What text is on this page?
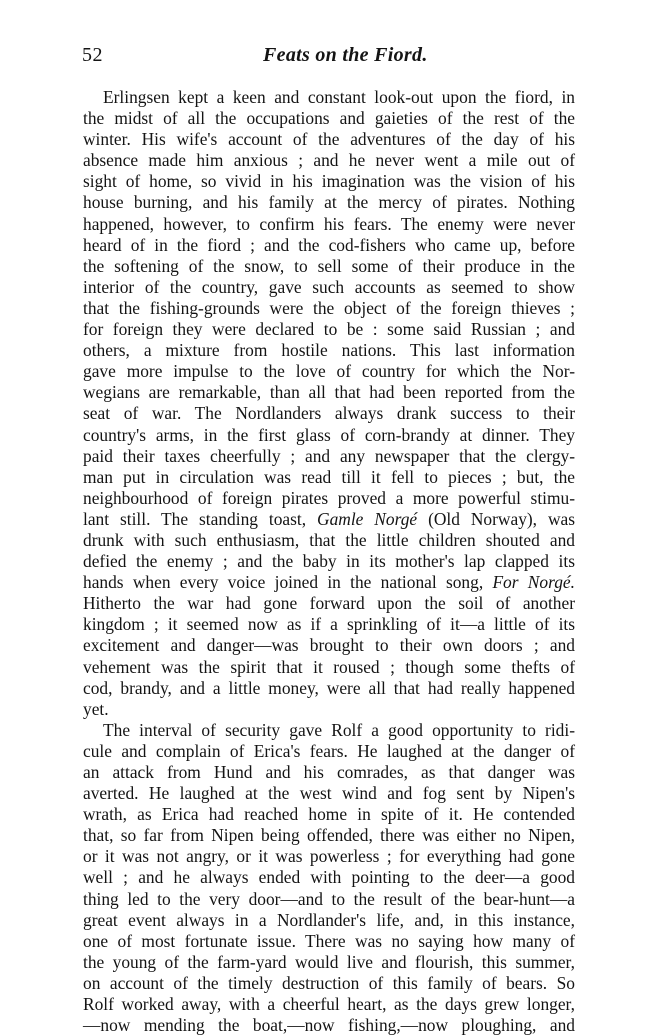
52	Feats on the Fiord.
Erlingsen kept a keen and constant look-out upon the fiord, in
the midst of all the occupations and gaieties of the rest of the
winter. His wife's account of the adventures of the day of his
absence made him anxious ; and he never went a mile out of
sight of home, so vivid in his imagination was the vision of his
house burning, and his family at the mercy of pirates. Nothing
happened, however, to confirm his fears. The enemy were never
heard of in the fiord ; and the cod-fishers who came up, before
the softening of the snow, to sell some of their produce in the
interior of the country, gave such accounts as seemed to show
that the fishing-grounds were the object of the foreign thieves ;
for foreign they were declared to be : some said Russian ; and
others, a mixture from hostile nations. This last information
gave more impulse to the love of country for which the Nor-
wegians are remarkable, than all that had been reported from the
seat of war. The Nordlanders always drank success to their
country's arms, in the first glass of corn-brandy at dinner. They
paid their taxes cheerfully ; and any newspaper that the clergy-
man put in circulation was read till it fell to pieces ; but, the
neighbourhood of foreign pirates proved a more powerful stimu-
lant still. The standing toast, Gamle Norgé (Old Norway), was
drunk with such enthusiasm, that the little children shouted and
defied the enemy ; and the baby in its mother's lap clapped its
hands when every voice joined in the national song, For Norgé.
Hitherto the war had gone forward upon the soil of another
kingdom ; it seemed now as if a sprinkling of it—a little of its
excitement and danger—was brought to their own doors ; and
vehement was the spirit that it roused ; though some thefts of
cod, brandy, and a little money, were all that had really happened
yet.
The interval of security gave Rolf a good opportunity to ridi-
cule and complain of Erica's fears. He laughed at the danger of
an attack from Hund and his comrades, as that danger was
averted. He laughed at the west wind and fog sent by Nipen's
wrath, as Erica had reached home in spite of it. He contended
that, so far from Nipen being offended, there was either no Nipen,
or it was not angry, or it was powerless ; for everything had gone
well ; and he always ended with pointing to the deer—a good
thing led to the very door—and to the result of the bear-hunt—a
great event always in a Nordlander's life, and, in this instance,
one of most fortunate issue. There was no saying how many of
the young of the farm-yard would live and flourish, this summer,
on account of the timely destruction of this family of bears. So
Rolf worked away, with a cheerful heart, as the days grew longer,
—now mending the boat,—now fishing,—now ploughing, and
